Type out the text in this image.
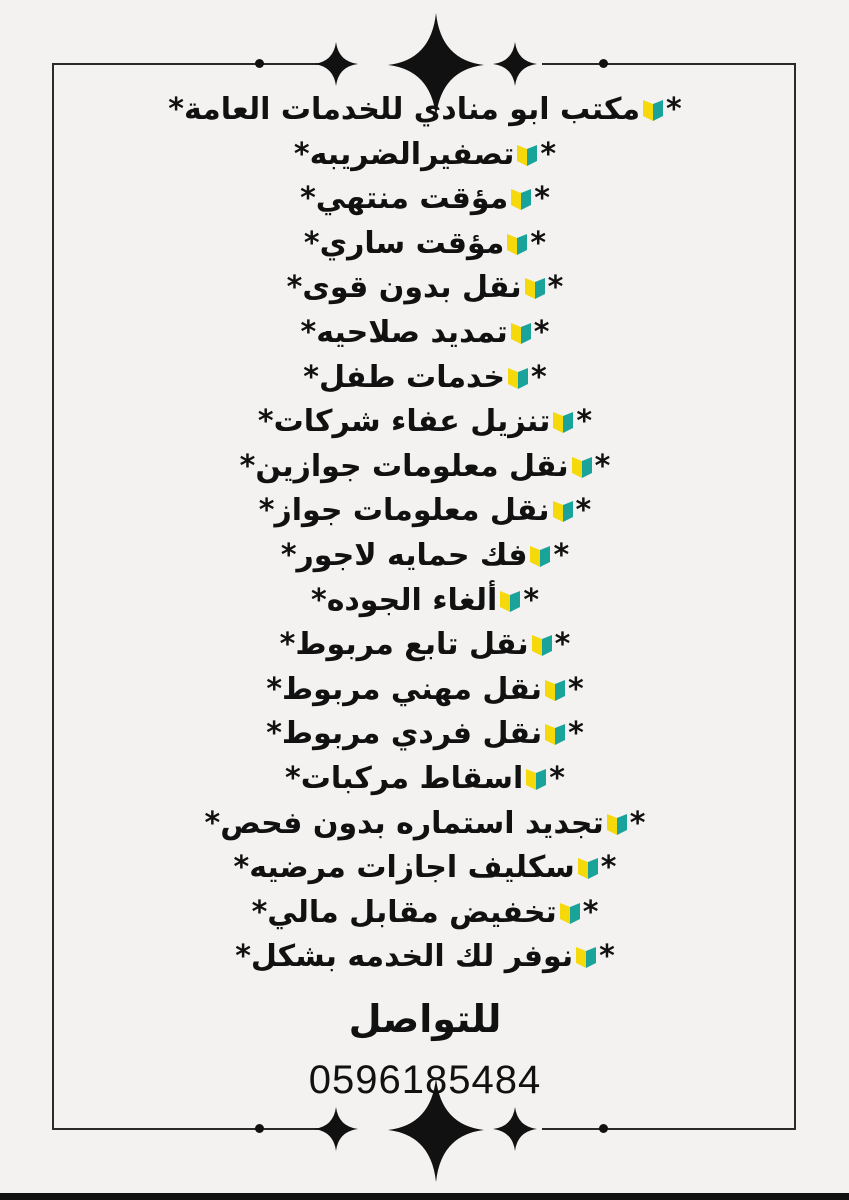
*مكتب ابو منادي للخدمات العامة*
*تصفيرالضريبه*
*مؤقت منتهي*
*مؤقت ساري*
*نقل بدون قوى*
*تمديد صلاحيه*
*خدمات طفل*
*تنزيل عفاء شركات*
*نقل معلومات جوازين*
*نقل معلومات جواز*
*فك حمايه لاجور*
*ألغاء الجوده*
*نقل تابع مربوط*
*نقل مهني مربوط*
*نقل فردي مربوط*
*اسقاط مركبات*
*تجديد استماره بدون فحص*
*سكليف اجازات مرضيه*
*تخفيض مقابل مالي*
*نوفر لك الخدمه بشكل*
للتواصل
0596185484
